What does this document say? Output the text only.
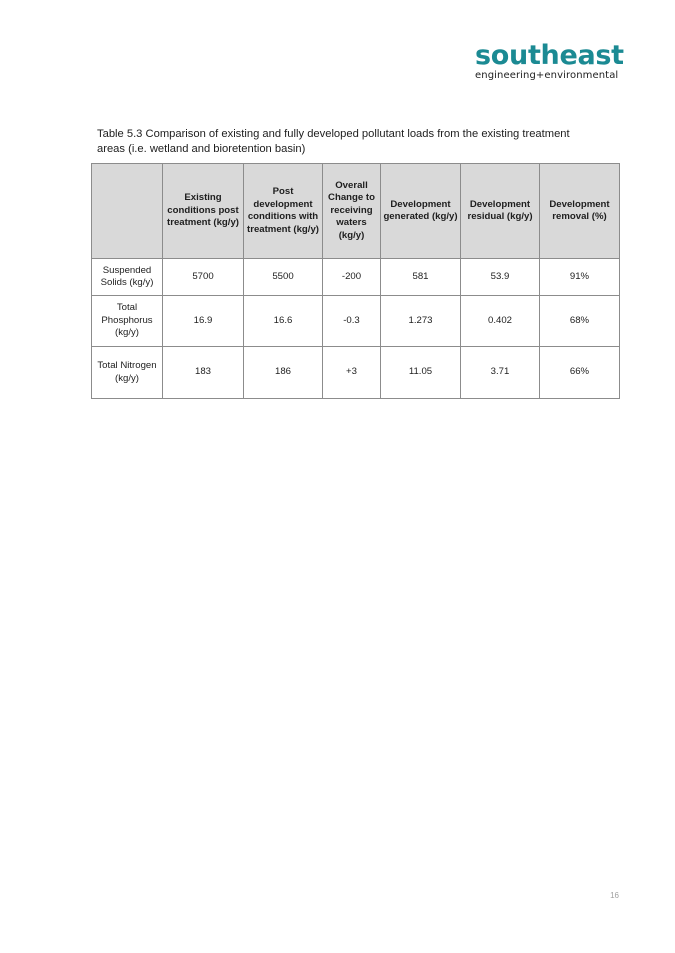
southeast
engineering+environmental
Table 5.3 Comparison of existing and fully developed pollutant loads from the existing treatment areas (i.e. wetland and bioretention basin)
	Existing conditions post treatment (kg/y)	Post development conditions with treatment (kg/y)	Overall Change to receiving waters (kg/y)	Development generated (kg/y)	Development residual (kg/y)	Development removal (%)
Suspended Solids (kg/y)	5700	5500	-200	581	53.9	91%
Total Phosphorus (kg/y)	16.9	16.6	-0.3	1.273	0.402	68%
Total Nitrogen (kg/y)	183	186	+3	11.05	3.71	66%
16
